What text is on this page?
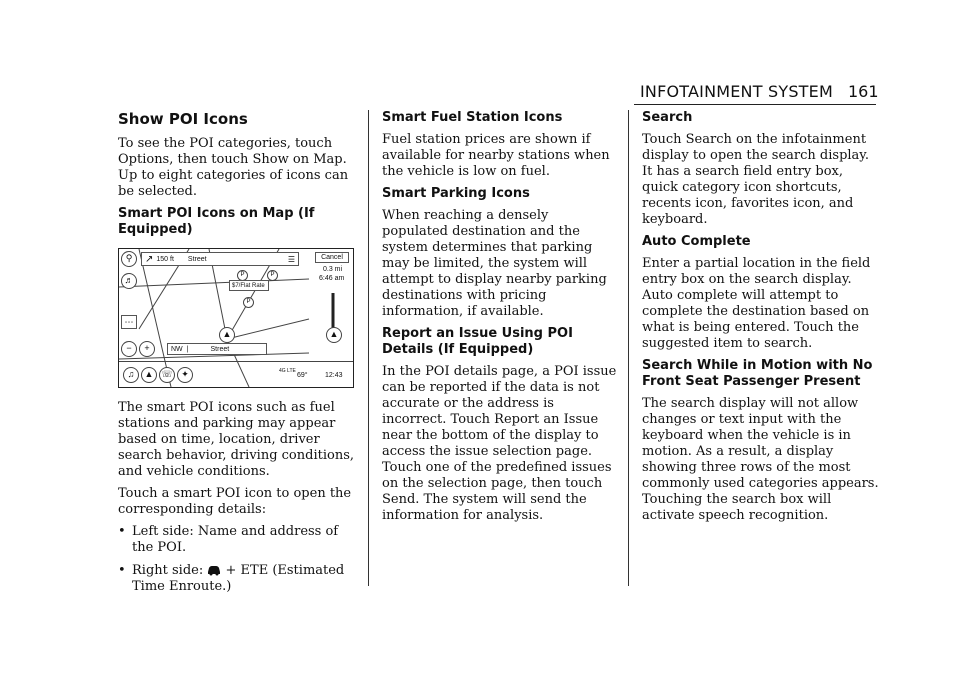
INFOTAINMENT SYSTEM 161
Show POI Icons

To see the POI categories, touch Options, then touch Show on Map. Up to eight categories of icons can be selected.

Smart POI Icons on Map (If Equipped)
⚲
♬
↗ 150 ft Street	☰	Cancel
0.3 mi
6:46 am
P	P
$7/Flat Rate
P
▲	▲
⋯
−	+	NW |	Street
♫	▲ ☏ ✦	4G LTE
69° 12:43

The smart POI icons such as fuel stations and parking may appear based on time, location, driver search behavior, driving conditions, and vehicle conditions.

Touch a smart POI icon to open the corresponding details:

• Left side: Name and address of the POI.
• Right side: + ETE (Estimated Time Enroute.)
Smart Fuel Station Icons

Fuel station prices are shown if available for nearby stations when the vehicle is low on fuel.

Smart Parking Icons

When reaching a densely populated destination and the system determines that parking may be limited, the system will attempt to display nearby parking destinations with pricing information, if available.

Report an Issue Using POI Details (If Equipped)

In the POI details page, a POI issue can be reported if the data is not accurate or the address is incorrect. Touch Report an Issue near the bottom of the display to access the issue selection page. Touch one of the predefined issues on the selection page, then touch Send. The system will send the information for analysis.

Search

Touch Search on the infotainment display to open the search display. It has a search field entry box, quick category icon shortcuts, recents icon, favorites icon, and keyboard.

Auto Complete

Enter a partial location in the field entry box on the search display. Auto complete will attempt to complete the destination based on what is being entered. Touch the suggested item to search.

Search While in Motion with No Front Seat Passenger Present

The search display will not allow changes or text input with the keyboard when the vehicle is in motion. As a result, a display showing three rows of the most commonly used categories appears. Touching the search box will activate speech recognition.
